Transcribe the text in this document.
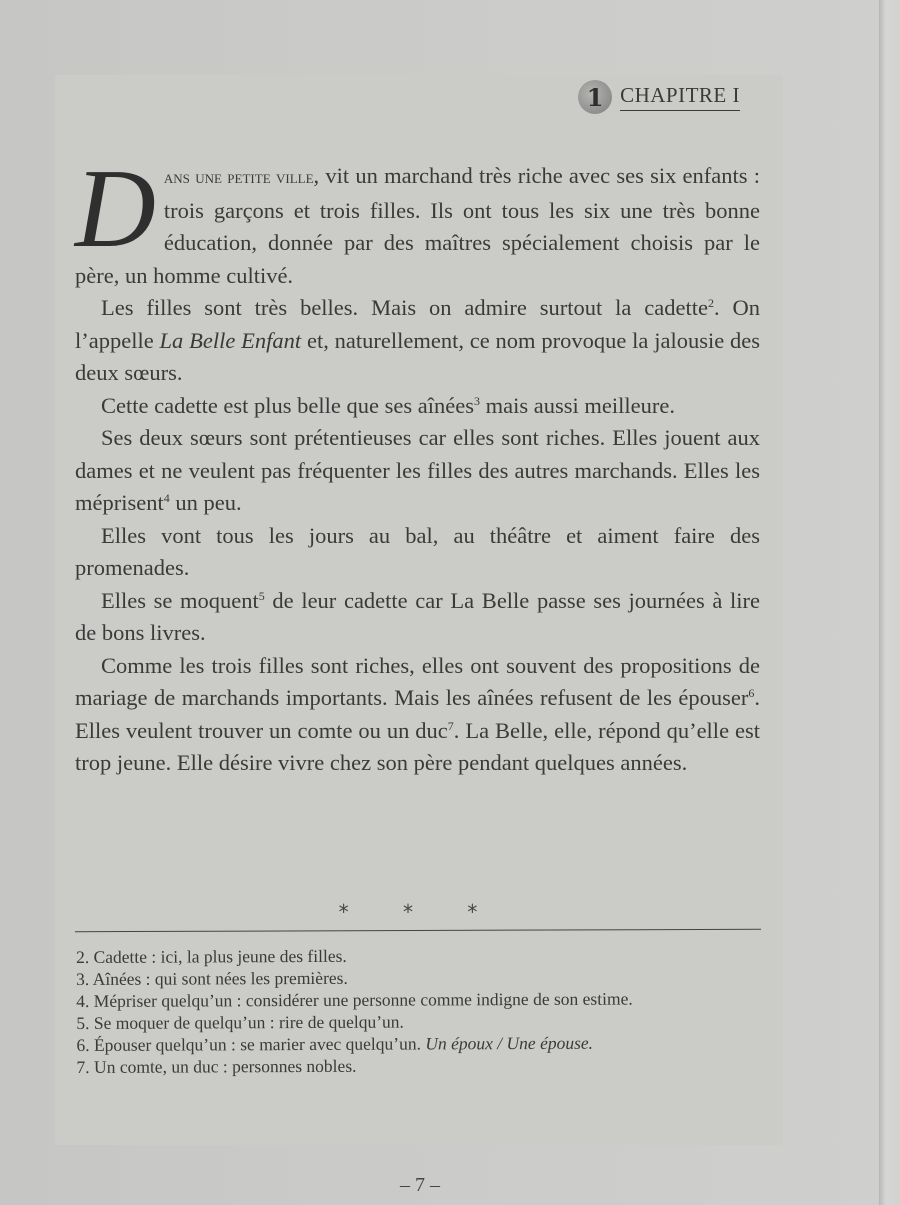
1 CHAPITRE I

Dans une petite ville, vit un marchand très riche avec ses six enfants : trois garçons et trois filles. Ils ont tous les six une très bonne éducation, donnée par des maîtres spécialement choisis par le père, un homme cultivé.

Les filles sont très belles. Mais on admire surtout la cadette$^2$. On l’appelle La Belle Enfant et, naturellement, ce nom provoque la jalousie des deux sœurs.

Cette cadette est plus belle que ses aînées$^3$ mais aussi meilleure.

Ses deux sœurs sont prétentieuses car elles sont riches. Elles jouent aux dames et ne veulent pas fréquenter les filles des autres marchands. Elles les méprisent$^4$ un peu.

Elles vont tous les jours au bal, au théâtre et aiment faire des promenades.

Elles se moquent$^5$ de leur cadette car La Belle passe ses journées à lire de bons livres.

Comme les trois filles sont riches, elles ont souvent des propositions de mariage de marchands importants. Mais les aînées refusent de les épouser$^6$. Elles veulent trouver un comte ou un duc$^7$. La Belle, elle, répond qu’elle est trop jeune. Elle désire vivre chez son père pendant quelques années.

* * *

2. Cadette : ici, la plus jeune des filles.

3. Aînées : qui sont nées les premières.

4. Mépriser quelqu’un : considérer une personne comme indigne de son estime.

5. Se moquer de quelqu’un : rire de quelqu’un.

6. Épouser quelqu’un : se marier avec quelqu’un. Un époux / Une épouse.

7. Un comte, un duc : personnes nobles.

– 7 –
